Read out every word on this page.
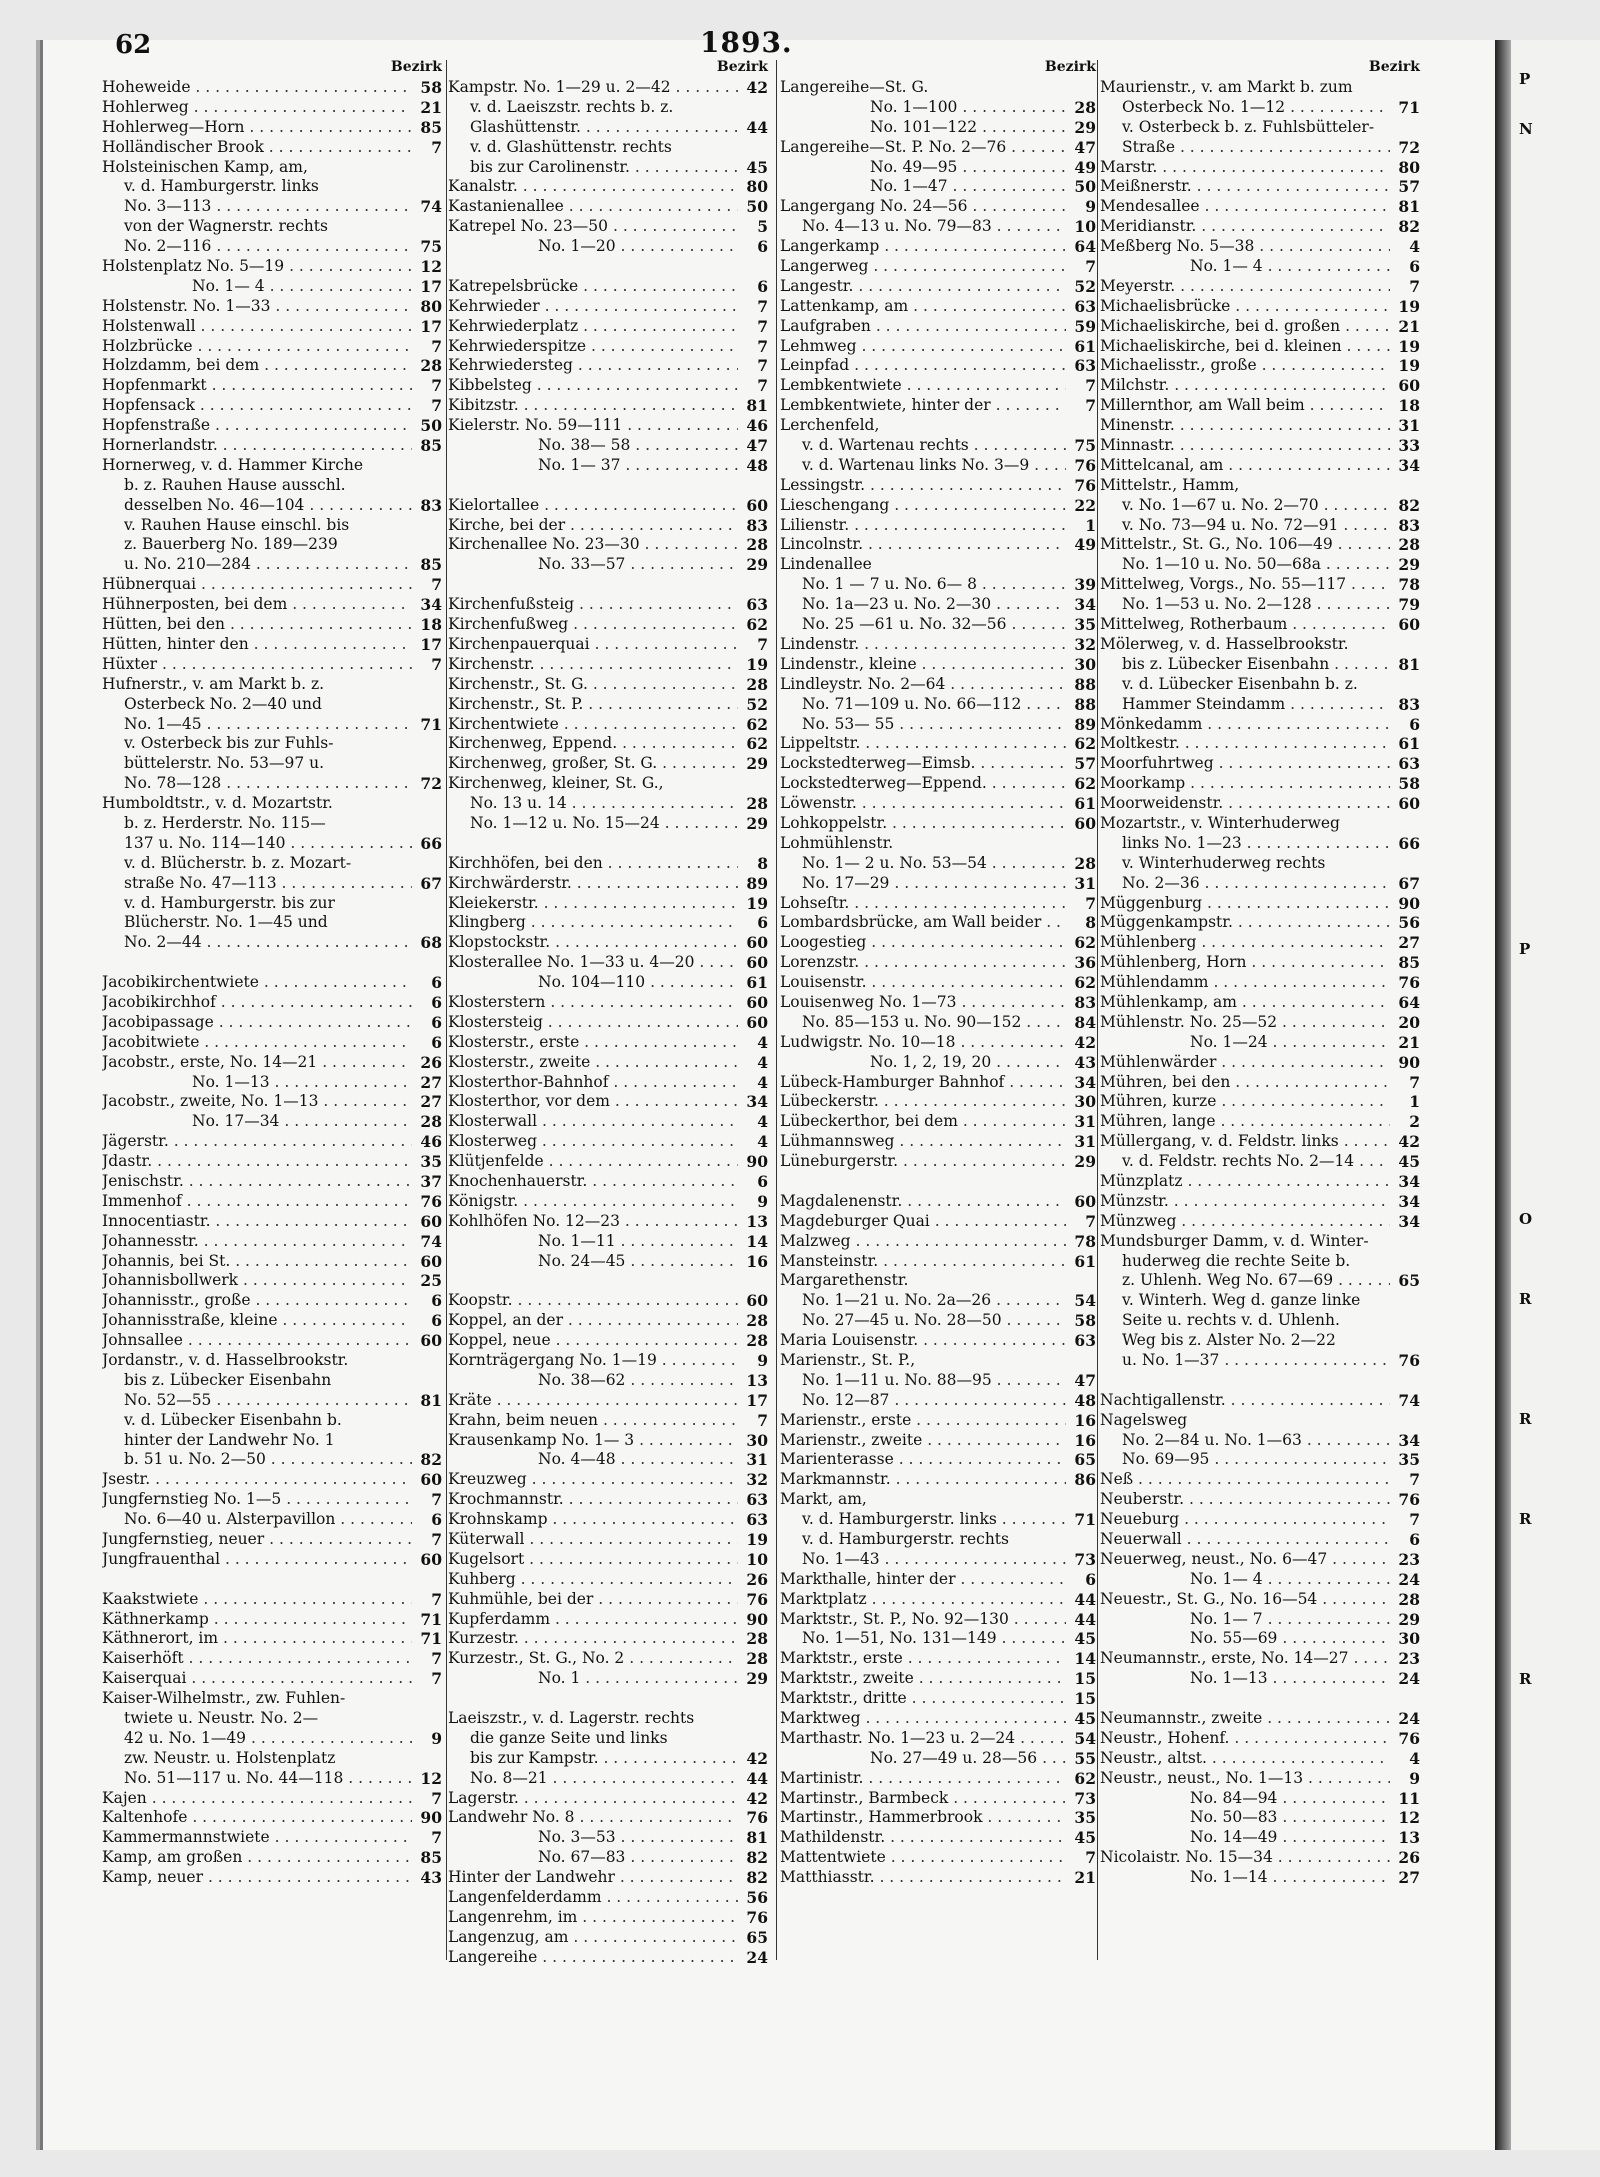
P
N
P
O
R
R
R
R
62	1893.
Bezirk
Hoheweide . . .	58
Hohlerweg . . .	21
Hohlerweg—Horn . . .	85
Holländischer Brook . . .	7
Holsteinischen Kamp, am,
v. d. Hamburgerstr. links
No. 3—113 . . .	74
von der Wagnerstr. rechts
No. 2—116 . . .	75
Holstenplatz No. 5—19 . . .	12
No. 1— 4 . . .	17
Holstenstr. No. 1—33 . . .	80
Holstenwall . . .	17
Holzbrücke . . .	7
Holzdamm, bei dem . . .	28
Hopfenmarkt . . .	7
Hopfensack . . .	7
Hopfenstraße . . .	50
Hornerlandstr. . . .	85
Hornerweg, v. d. Hammer Kirche
b. z. Rauhen Hause ausschl.
desselben No. 46—104 . . .	83
v. Rauhen Hause einschl. bis
z. Bauerberg No. 189—239
u. No. 210—284 . . .	85
Hübnerquai . . .	7
Hühnerposten, bei dem . . .	34
Hütten, bei den . . .	18
Hütten, hinter den . . .	17
Hüxter . . .	7
Hufnerstr., v. am Markt b. z.
Osterbeck No. 2—40 und
No. 1—45 . . .	71
v. Osterbeck bis zur Fuhls-
büttelerstr. No. 53—97 u.
No. 78—128 . . .	72
Humboldtstr., v. d. Mozartstr.
b. z. Herderstr. No. 115—
137 u. No. 114—140 . . .	66
v. d. Blücherstr. b. z. Mozart-
straße No. 47—113 . . .	67
v. d. Hamburgerstr. bis zur
Blücherstr. No. 1—45 und
No. 2—44 . . .	68
Jacobikirchentwiete . . .	6
Jacobikirchhof . . .	6
Jacobipassage . . .	6
Jacobitwiete . . .	6
Jacobstr., erste, No. 14—21 . . .	26
No. 1—13 . . .	27
Jacobstr., zweite, No. 1—13 . . .	27
No. 17—34 . . .	28
Jägerstr. . . .	46
Jdastr. . . .	35
Jenischstr. . . .	37
Immenhof . . .	76
Innocentiastr. . . .	60
Johannesstr. . . .	74
Johannis, bei St. . . .	60
Johannisbollwerk . . .	25
Johannisstr., große . . .	6
Johannisstraße, kleine . . .	6
Johnsallee . . .	60
Jordanstr., v. d. Hasselbrookstr.
bis z. Lübecker Eisenbahn
No. 52—55 . . .	81
v. d. Lübecker Eisenbahn b.
hinter der Landwehr No. 1
b. 51 u. No. 2—50 . . .	82
Jsestr. . . .	60
Jungfernstieg No. 1—5 . . .	7
No. 6—40 u. Alsterpavillon . . .	6
Jungfernstieg, neuer . . .	7
Jungfrauenthal . . .	60
Kaakstwiete . . .	7
Käthnerkamp . . .	71
Käthnerort, im . . .	71
Kaiserhöft . . .	7
Kaiserquai . . .	7
Kaiser-Wilhelmstr., zw. Fuhlen-
twiete u. Neustr. No. 2—
42 u. No. 1—49 . . .	9
zw. Neustr. u. Holstenplatz
No. 51—117 u. No. 44—118 . . .	12
Kajen . . .	7
Kaltenhofe . . .	90
Kammermannstwiete . . .	7
Kamp, am großen . . .	85
Kamp, neuer . . .	43
Bezirk
Kampstr. No. 1—29 u. 2—42 . . .	42
v. d. Laeiszstr. rechts b. z.
Glashüttenstr. . . .	44
v. d. Glashüttenstr. rechts
bis zur Carolinenstr. . . .	45
Kanalstr. . . .	80
Kastanienallee . . .	50
Katrepel No. 23—50 . . .	5
No. 1—20 . . .	6
Katrepelsbrücke . . .	6
Kehrwieder . . .	7
Kehrwiederplatz . . .	7
Kehrwiederspitze . . .	7
Kehrwiedersteg . . .	7
Kibbelsteg . . .	7
Kibitzstr. . . .	81
Kielerstr. No. 59—111 . . .	46
No. 38— 58 . . .	47
No. 1— 37 . . .	48
Kielortallee . . .	60
Kirche, bei der . . .	83
Kirchenallee No. 23—30 . . .	28
No. 33—57 . . .	29
Kirchenfußsteig . . .	63
Kirchenfußweg . . .	62
Kirchenpauerquai . . .	7
Kirchenstr. . . .	19
Kirchenstr., St. G. . . .	28
Kirchenstr., St. P. . . .	52
Kirchentwiete . . .	62
Kirchenweg, Eppend. . . .	62
Kirchenweg, großer, St. G. . . .	29
Kirchenweg, kleiner, St. G.,
No. 13 u. 14 . . .	28
No. 1—12 u. No. 15—24 . . .	29
Kirchhöfen, bei den . . .	8
Kirchwärderstr. . . .	89
Kleiekerstr. . . .	19
Klingberg . . .	6
Klopstockstr. . . .	60
Klosterallee No. 1—33 u. 4—20 . . .	60
No. 104—110 . . .	61
Klosterstern . . .	60
Klostersteig . . .	60
Klosterstr., erste . . .	4
Klosterstr., zweite . . .	4
Klosterthor-Bahnhof . . .	4
Klosterthor, vor dem . . .	34
Klosterwall . . .	4
Klosterweg . . .	4
Klütjenfelde . . .	90
Knochenhauerstr. . . .	6
Königstr. . . .	9
Kohlhöfen No. 12—23 . . .	13
No. 1—11 . . .	14
No. 24—45 . . .	16
Koopstr. . . .	60
Koppel, an der . . .	28
Koppel, neue . . .	28
Kornträgergang No. 1—19 . . .	9
No. 38—62 . . .	13
Kräte . . .	17
Krahn, beim neuen . . .	7
Krausenkamp No. 1— 3 . . .	30
No. 4—48 . . .	31
Kreuzweg . . .	32
Krochmannstr. . . .	63
Krohnskamp . . .	63
Küterwall . . .	19
Kugelsort . . .	10
Kuhberg . . .	26
Kuhmühle, bei der . . .	76
Kupferdamm . . .	90
Kurzestr. . . .	28
Kurzestr., St. G., No. 2 . . .	28
No. 1 . . .	29
Laeiszstr., v. d. Lagerstr. rechts
die ganze Seite und links
bis zur Kampstr. . . .	42
No. 8—21 . . .	44
Lagerstr. . . .	42
Landwehr No. 8 . . .	76
No. 3—53 . . .	81
No. 67—83 . . .	82
Hinter der Landwehr . . .	82
Langenfelderdamm . . .	56
Langenrehm, im . . .	76
Langenzug, am . . .	65
Langereihe . . .	24
Bezirk
Langereihe—St. G.
No. 1—100 . . .	28
No. 101—122 . . .	29
Langereihe—St. P. No. 2—76 . . .	47
No. 49—95 . . .	49
No. 1—47 . . .	50
Langergang No. 24—56 . . .	9
No. 4—13 u. No. 79—83 . . .	10
Langerkamp . . .	64
Langerweg . . .	7
Langestr. . . .	52
Lattenkamp, am . . .	63
Laufgraben . . .	59
Lehmweg . . .	61
Leinpfad . . .	63
Lembkentwiete . . .	7
Lembkentwiete, hinter der . . .	7
Lerchenfeld,
v. d. Wartenau rechts . . .	75
v. d. Wartenau links No. 3—9 . . .	76
Lessingstr. . . .	76
Lieschengang . . .	22
Lilienstr. . . .	1
Lincolnstr. . . .	49
Lindenallee
No. 1 — 7 u. No. 6— 8 . . .	39
No. 1a—23 u. No. 2—30 . . .	34
No. 25 —61 u. No. 32—56 . . .	35
Lindenstr. . . .	32
Lindenstr., kleine . . .	30
Lindleystr. No. 2—64 . . .	88
No. 71—109 u. No. 66—112 . . .	88
No. 53— 55 . . .	89
Lippeltstr. . . .	62
Lockstedterweg—Eimsb. . . .	57
Lockstedterweg—Eppend. . . .	62
Löwenstr. . . .	61
Lohkoppelstr. . . .	60
Lohmühlenstr.
No. 1— 2 u. No. 53—54 . . .	28
No. 17—29 . . .	31
Lohseſtr. . . .	7
Lombardsbrücke, am Wall beider . . .	8
Loogestieg . . .	62
Lorenzstr. . . .	36
Louisenstr. . . .	62
Louisenweg No. 1—73 . . .	83
No. 85—153 u. No. 90—152 . . .	84
Ludwigstr. No. 10—18 . . .	42
No. 1, 2, 19, 20 . . .	43
Lübeck-Hamburger Bahnhof . . .	34
Lübeckerstr. . . .	30
Lübeckerthor, bei dem . . .	31
Lühmannsweg . . .	31
Lüneburgerstr. . . .	29
Magdalenenstr. . . .	60
Magdeburger Quai . . .	7
Malzweg . . .	78
Mansteinstr. . . .	61
Margarethenstr.
No. 1—21 u. No. 2a—26 . . .	54
No. 27—45 u. No. 28—50 . . .	58
Maria Louisenstr. . . .	63
Marienstr., St. P.,
No. 1—11 u. No. 88—95 . . .	47
No. 12—87 . . .	48
Marienstr., erste . . .	16
Marienstr., zweite . . .	16
Marienterasse . . .	65
Markmannstr. . . .	86
Markt, am,
v. d. Hamburgerstr. links . . .	71
v. d. Hamburgerstr. rechts
No. 1—43 . . .	73
Markthalle, hinter der . . .	6
Marktplatz . . .	44
Marktstr., St. P., No. 92—130 . . .	44
No. 1—51, No. 131—149 . . .	45
Marktstr., erste . . .	14
Marktstr., zweite . . .	15
Marktstr., dritte . . .	15
Marktweg . . .	45
Marthastr. No. 1—23 u. 2—24 . . .	54
No. 27—49 u. 28—56 . . .	55
Martinistr. . . .	62
Martinstr., Barmbeck . . .	73
Martinstr., Hammerbrook . . .	35
Mathildenstr. . . .	45
Mattentwiete . . .	7
Matthiasstr. . . .	21
Bezirk
Maurienstr., v. am Markt b. zum
Osterbeck No. 1—12 . . .	71
v. Osterbeck b. z. Fuhlsbütteler-
Straße . . .	72
Marstr. . . .	80
Meißnerstr. . . .	57
Mendesallee . . .	81
Meridianstr. . . .	82
Meßberg No. 5—38 . . .	4
No. 1— 4 . . .	6
Meyerstr. . . .	7
Michaelisbrücke . . .	19
Michaeliskirche, bei d. großen . . .	21
Michaeliskirche, bei d. kleinen . . .	19
Michaelisstr., große . . .	19
Milchstr. . . .	60
Millernthor, am Wall beim . . .	18
Minenstr. . . .	31
Minnastr. . . .	33
Mittelcanal, am . . .	34
Mittelstr., Hamm,
v. No. 1—67 u. No. 2—70 . . .	82
v. No. 73—94 u. No. 72—91 . . .	83
Mittelstr., St. G., No. 106—49 . . .	28
No. 1—10 u. No. 50—68a . . .	29
Mittelweg, Vorgs., No. 55—117 . . .	78
No. 1—53 u. No. 2—128 . . .	79
Mittelweg, Rotherbaum . . .	60
Mölerweg, v. d. Hasselbrookstr.
bis z. Lübecker Eisenbahn . . .	81
v. d. Lübecker Eisenbahn b. z.
Hammer Steindamm . . .	83
Mönkedamm . . .	6
Moltkestr. . . .	61
Moorfuhrtweg . . .	63
Moorkamp . . .	58
Moorweidenstr. . . .	60
Mozartstr., v. Winterhuderweg
links No. 1—23 . . .	66
v. Winterhuderweg rechts
No. 2—36 . . .	67
Müggenburg . . .	90
Müggenkampstr. . . .	56
Mühlenberg . . .	27
Mühlenberg, Horn . . .	85
Mühlendamm . . .	76
Mühlenkamp, am . . .	64
Mühlenstr. No. 25—52 . . .	20
No. 1—24 . . .	21
Mühlenwärder . . .	90
Mühren, bei den . . .	7
Mühren, kurze . . .	1
Mühren, lange . . .	2
Müllergang, v. d. Feldstr. links . . .	42
v. d. Feldstr. rechts No. 2—14 . . .	45
Münzplatz . . .	34
Münzstr. . . .	34
Münzweg . . .	34
Mundsburger Damm, v. d. Winter-
huderweg die rechte Seite b.
z. Uhlenh. Weg No. 67—69 . . .	65
v. Winterh. Weg d. ganze linke
Seite u. rechts v. d. Uhlenh.
Weg bis z. Alster No. 2—22
u. No. 1—37 . . .	76
Nachtigallenstr. . . .	74
Nagelsweg
No. 2—84 u. No. 1—63 . . .	34
No. 69—95 . . .	35
Neß . . .	7
Neuberstr. . . .	76
Neueburg . . .	7
Neuerwall . . .	6
Neuerweg, neust., No. 6—47 . . .	23
No. 1— 4 . . .	24
Neuestr., St. G., No. 16—54 . . .	28
No. 1— 7 . . .	29
No. 55—69 . . .	30
Neumannstr., erste, No. 14—27 . . .	23
No. 1—13 . . .	24
Neumannstr., zweite . . .	24
Neustr., Hohenf. . . .	76
Neustr., altst. . . .	4
Neustr., neust., No. 1—13 . . .	9
No. 84—94 . . .	11
No. 50—83 . . .	12
No. 14—49 . . .	13
Nicolaistr. No. 15—34 . . .	26
No. 1—14 . . .	27
